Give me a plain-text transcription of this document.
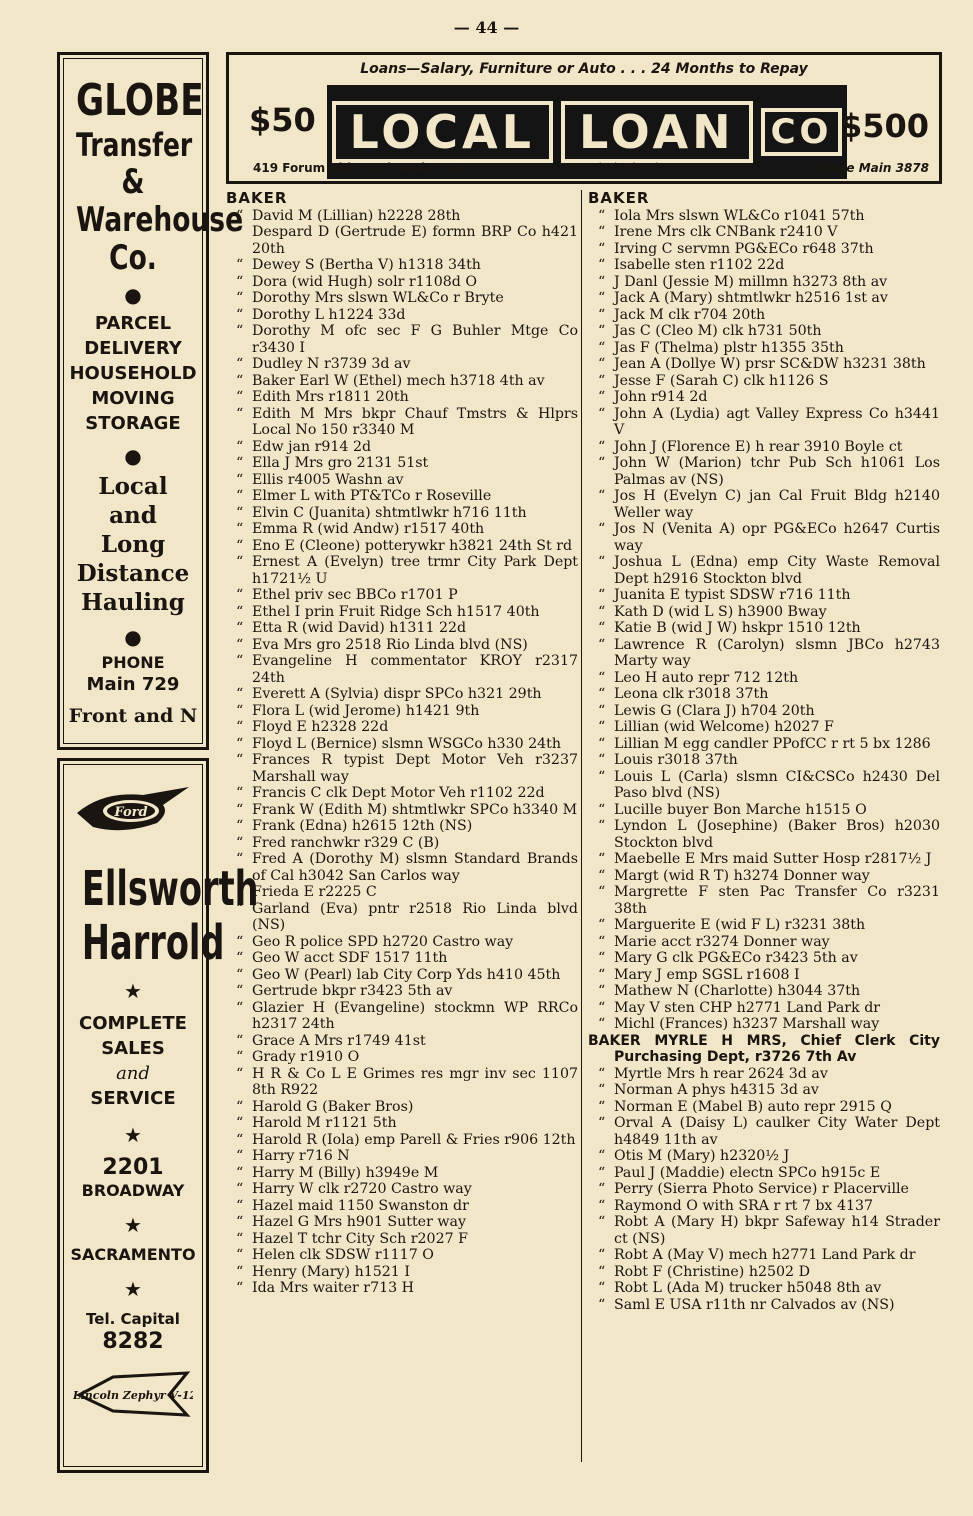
— 44 —
GLOBE
Transfer
&
Warehouse
Co.
●
PARCEL
DELIVERY
HOUSEHOLD
MOVING
STORAGE
●
Local
and
Long
Distance
Hauling
●
PHONE
Main 729
Front and N
Ford
Ellsworth
Harrold
★
COMPLETE
SALES
and
SERVICE
★
2201
BROADWAY
★
SACRAMENTO
★
Tel. Capital
8282
Lincoln Zephyr V-12
Loans—Salary, Furniture or Auto . . . 24 Months to Repay
$50 LOCAL LOAN	CO $500
419 Forum Bldg., 9th and K Sts.	(4th Floor)	Phone Main 3878
BAKER
“ David M (Lillian) h2228 28th
“ Despard D (Gertrude E) formn BRP Co h421 20th
“ Dewey S (Bertha V) h1318 34th
“ Dora (wid Hugh) solr r1108d O
“ Dorothy Mrs slswn WL&Co r Bryte
“ Dorothy L h1224 33d
“ Dorothy M ofc sec F G Buhler Mtge Co r3430 I
“ Dudley N r3739 3d av
“ Baker Earl W (Ethel) mech h3718 4th av
“ Edith Mrs r1811 20th
“ Edith M Mrs bkpr Chauf Tmstrs & Hlprs Local No 150 r3340 M
“ Edw jan r914 2d
“ Ella J Mrs gro 2131 51st
“ Ellis r4005 Washn av
“ Elmer L with PT&TCo r Roseville
“ Elvin C (Juanita) shtmtlwkr h716 11th
“ Emma R (wid Andw) r1517 40th
“ Eno E (Cleone) potterywkr h3821 24th St rd
“ Ernest A (Evelyn) tree trmr City Park Dept h1721½ U
“ Ethel priv sec BBCo r1701 P
“ Ethel I prin Fruit Ridge Sch h1517 40th
“ Etta R (wid David) h1311 22d
“ Eva Mrs gro 2518 Rio Linda blvd (NS)
“ Evangeline H commentator KROY r2317 24th
“ Everett A (Sylvia) dispr SPCo h321 29th
“ Flora L (wid Jerome) h1421 9th
“ Floyd E h2328 22d
“ Floyd L (Bernice) slsmn WSGCo h330 24th
“ Frances R typist Dept Motor Veh r3237 Marshall way
“ Francis C clk Dept Motor Veh r1102 22d
“ Frank W (Edith M) shtmtlwkr SPCo h3340 M
“ Frank (Edna) h2615 12th (NS)
“ Fred ranchwkr r329 C (B)
“ Fred A (Dorothy M) slsmn Standard Brands of Cal h3042 San Carlos way
“ Frieda E r2225 C
“ Garland (Eva) pntr r2518 Rio Linda blvd (NS)
“ Geo R police SPD h2720 Castro way
“ Geo W acct SDF 1517 11th
“ Geo W (Pearl) lab City Corp Yds h410 45th
“ Gertrude bkpr r3423 5th av
“ Glazier H (Evangeline) stockmn WP RRCo h2317 24th
“ Grace A Mrs r1749 41st
“ Grady r1910 O
“ H R & Co L E Grimes res mgr inv sec 1107 8th R922
“ Harold G (Baker Bros)
“ Harold M r1121 5th
“ Harold R (Iola) emp Parell & Fries r906 12th
“ Harry r716 N
“ Harry M (Billy) h3949e M
“ Harry W clk r2720 Castro way
“ Hazel maid 1150 Swanston dr
“ Hazel G Mrs h901 Sutter way
“ Hazel T tchr City Sch r2027 F
“ Helen clk SDSW r1117 O
“ Henry (Mary) h1521 I
“ Ida Mrs waiter r713 H
BAKER
“ Iola Mrs slswn WL&Co r1041 57th
“ Irene Mrs clk CNBank r2410 V
“ Irving C servmn PG&ECo r648 37th
“ Isabelle sten r1102 22d
“ J Danl (Jessie M) millmn h3273 8th av
“ Jack A (Mary) shtmtlwkr h2516 1st av
“ Jack M clk r704 20th
“ Jas C (Cleo M) clk h731 50th
“ Jas F (Thelma) plstr h1355 35th
“ Jean A (Dollye W) prsr SC&DW h3231 38th
“ Jesse F (Sarah C) clk h1126 S
“ John r914 2d
“ John A (Lydia) agt Valley Express Co h3441 V
“ John J (Florence E) h rear 3910 Boyle ct
“ John W (Marion) tchr Pub Sch h1061 Los Palmas av (NS)
“ Jos H (Evelyn C) jan Cal Fruit Bldg h2140 Weller way
“ Jos N (Venita A) opr PG&ECo h2647 Curtis way
“ Joshua L (Edna) emp City Waste Removal Dept h2916 Stockton blvd
“ Juanita E typist SDSW r716 11th
“ Kath D (wid L S) h3900 Bway
“ Katie B (wid J W) hskpr 1510 12th
“ Lawrence R (Carolyn) slsmn JBCo h2743 Marty way
“ Leo H auto repr 712 12th
“ Leona clk r3018 37th
“ Lewis G (Clara J) h704 20th
“ Lillian (wid Welcome) h2027 F
“ Lillian M egg candler PPofCC r rt 5 bx 1286
“ Louis r3018 37th
“ Louis L (Carla) slsmn CI&CSCo h2430 Del Paso blvd (NS)
“ Lucille buyer Bon Marche h1515 O
“ Lyndon L (Josephine) (Baker Bros) h2030 Stockton blvd
“ Maebelle E Mrs maid Sutter Hosp r2817½ J
“ Margt (wid R T) h3274 Donner way
“ Margrette F sten Pac Transfer Co r3231 38th
“ Marguerite E (wid F L) r3231 38th
“ Marie acct r3274 Donner way
“ Mary G clk PG&ECo r3423 5th av
“ Mary J emp SGSL r1608 I
“ Mathew N (Charlotte) h3044 37th
“ May V sten CHP h2771 Land Park dr
“ Michl (Frances) h3237 Marshall way
BAKER MYRLE H MRS, Chief Clerk City Purchasing Dept, r3726 7th Av
“ Myrtle Mrs h rear 2624 3d av
“ Norman A phys h4315 3d av
“ Norman E (Mabel B) auto repr 2915 Q
“ Orval A (Daisy L) caulker City Water Dept h4849 11th av
“ Otis M (Mary) h2320½ J
“ Paul J (Maddie) electn SPCo h915c E
“ Perry (Sierra Photo Service) r Placerville
“ Raymond O with SRA r rt 7 bx 4137
“ Robt A (Mary H) bkpr Safeway h14 Strader ct (NS)
“ Robt A (May V) mech h2771 Land Park dr
“ Robt F (Christine) h2502 D
“ Robt L (Ada M) trucker h5048 8th av
“ Saml E USA r11th nr Calvados av (NS)
